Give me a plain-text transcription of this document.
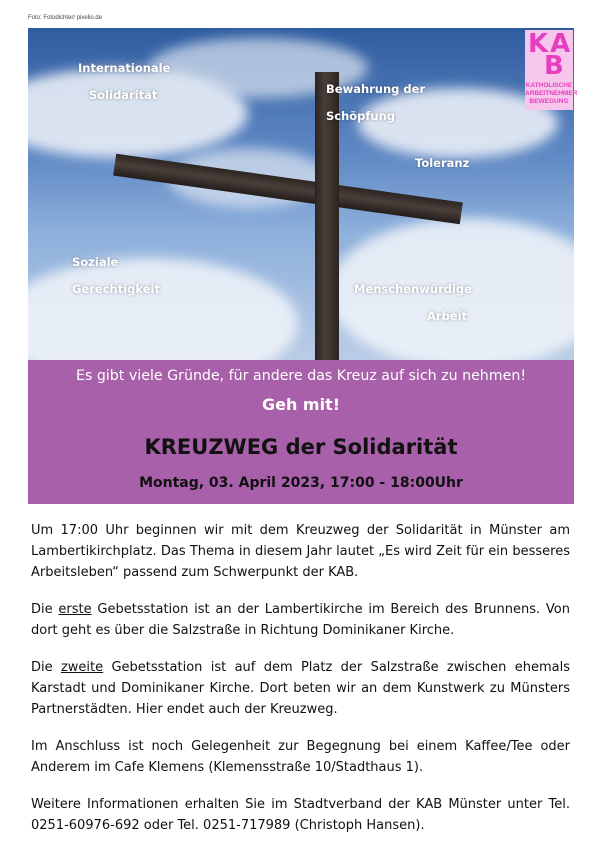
Foto: Fotodichter/ pixelio.de
Internationale
Solidarität	Bewahrung der
Schöpfung
Toleranz
Soziale
Gerechtigkeit	Menschenwürdige
Arbeit
KA
B
KATHOLISCHE
ARBEITNEHMER
BEWEGUNG
Es gibt viele Gründe, für andere das Kreuz auf sich zu nehmen!
Geh mit!
KREUZWEG der Solidarität
Montag, 03. April 2023, 17:00 - 18:00Uhr

Um 17:00 Uhr beginnen wir mit dem Kreuzweg der Solidarität in Münster am Lambertikirchplatz. Das Thema in diesem Jahr lautet „Es wird Zeit für ein besseres Arbeitsleben“ passend zum Schwerpunkt der KAB.

Die erste Gebetsstation ist an der Lambertikirche im Bereich des Brunnens. Von dort geht es über die Salzstraße in Richtung Dominikaner Kirche.

Die zweite Gebetsstation ist auf dem Platz der Salzstraße zwischen ehemals Karstadt und Dominikaner Kirche. Dort beten wir an dem Kunstwerk zu Münsters Partnerstädten. Hier endet auch der Kreuzweg.

Im Anschluss ist noch Gelegenheit zur Begegnung bei einem Kaffee/Tee oder Anderem im Cafe Klemens (Klemensstraße 10/Stadthaus 1).

Weitere Informationen erhalten Sie im Stadtverband der KAB Münster unter Tel. 0251-60976-692 oder Tel. 0251-717989 (Christoph Hansen).
